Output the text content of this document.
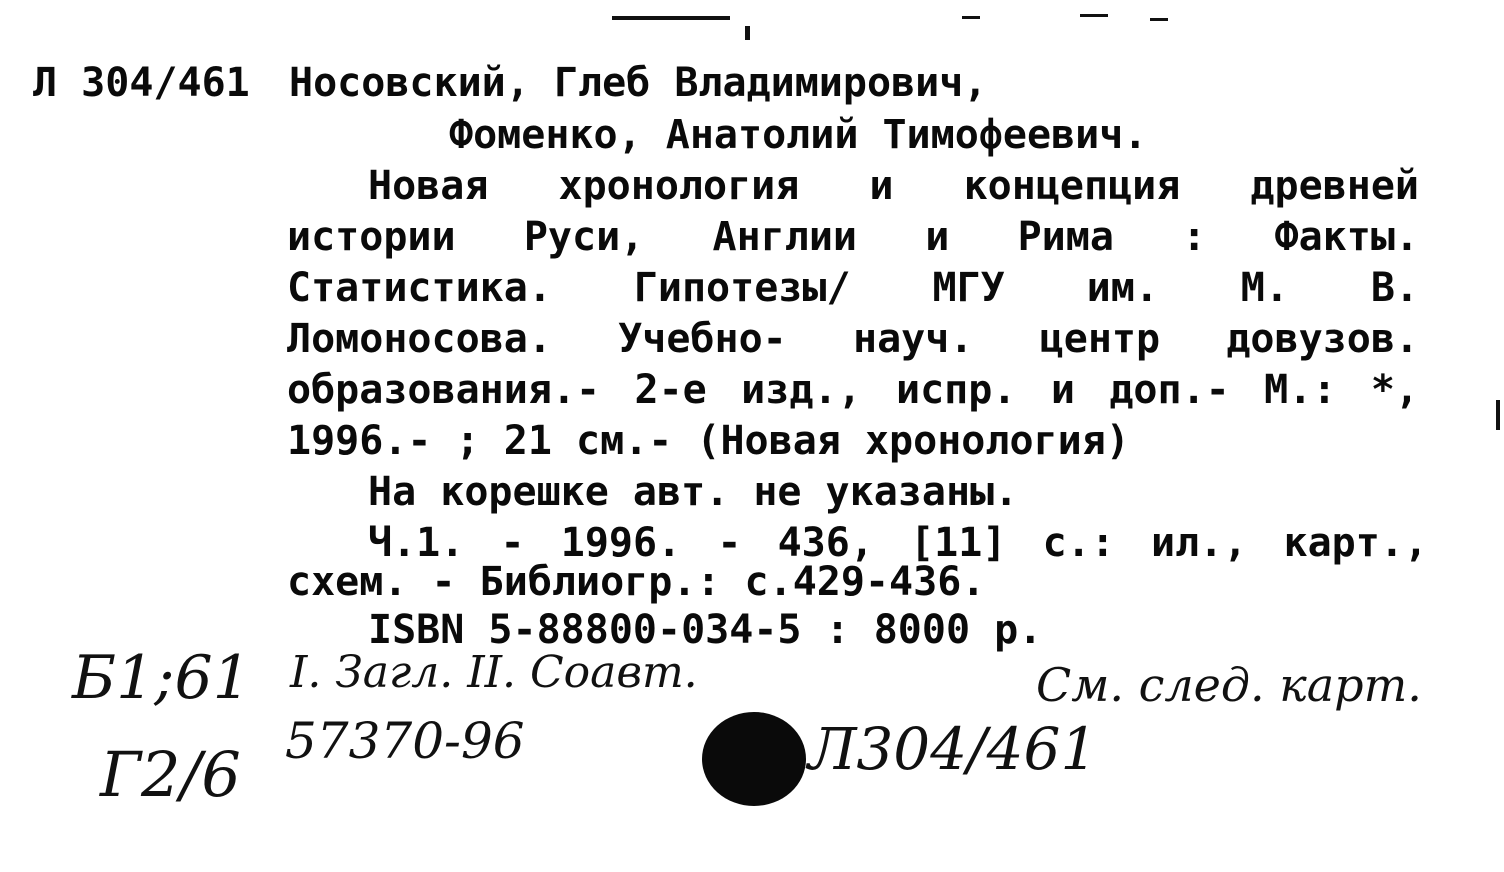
Л 304/461 Носовский, Глеб Владимирович,
Фоменко, Анатолий Тимофеевич.
Новая хронология и концепция древней
истории Руси, Англии и Рима : Факты.
Статистика. Гипотезы/ МГУ им. М. В.
Ломоносова. Учебно- науч. центр довузов.
образования.- 2-е изд., испр. и доп.- М.: *,
1996.- ; 21 см.- (Новая хронология)
На корешке авт. не указаны.
Ч.1. - 1996. - 436, [11] с.: ил., карт.,
схем. - Библиогр.: с.429-436.
ISBN 5-88800-034-5 : 8000 р.
Б1;61 I. Загл. II. Соавт.	См. след. карт.
57370-96	Л304/461
Г2/6
